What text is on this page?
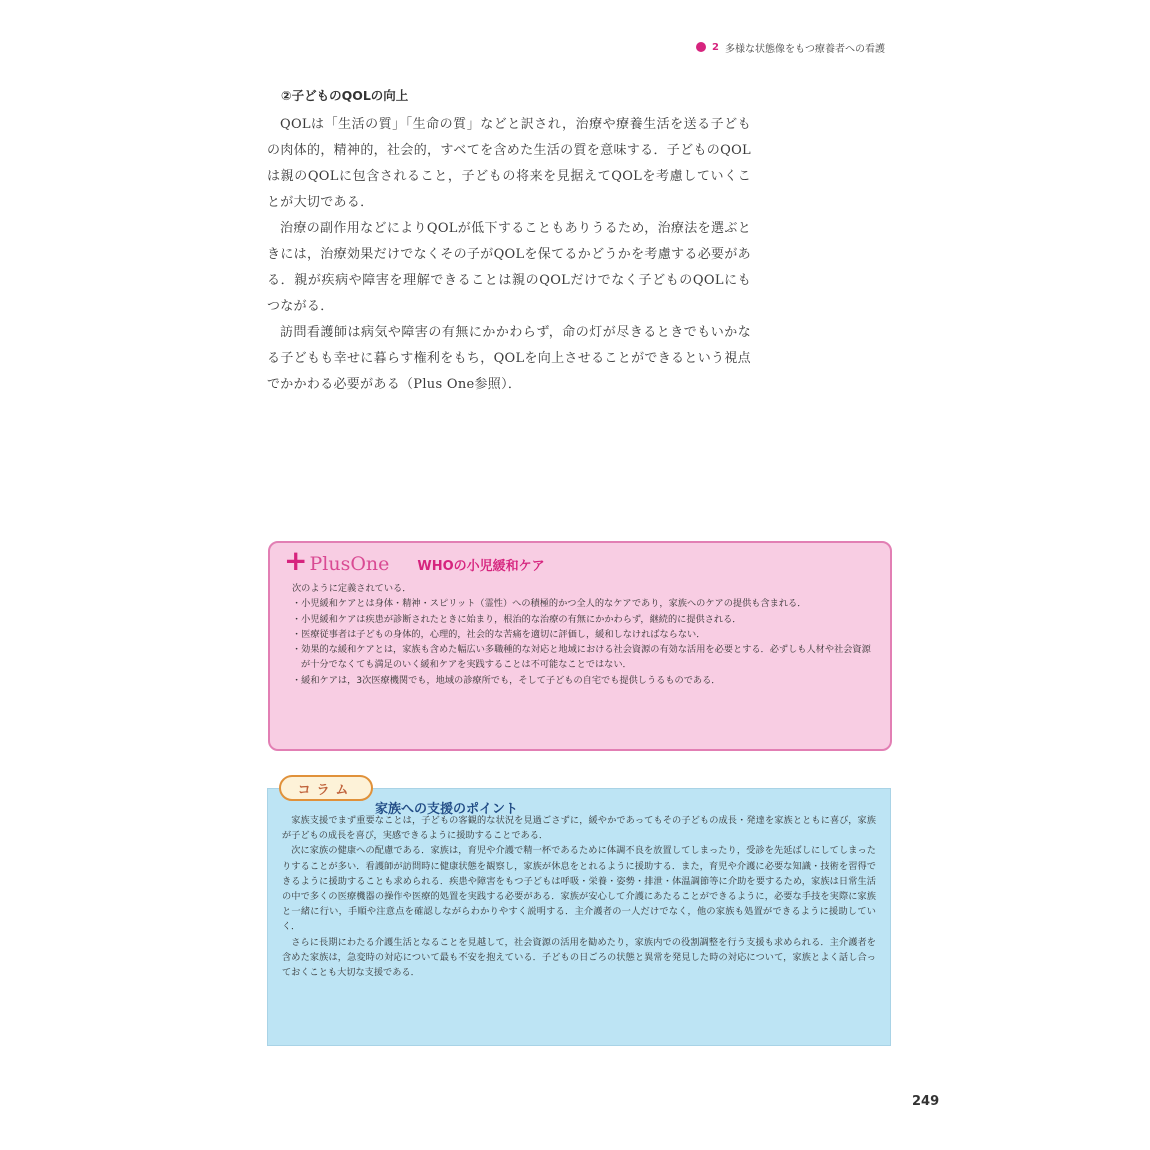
2 多様な状態像をもつ療養者への看護
②子どものQOLの向上

QOLは「生活の質」「生命の質」などと訳され，治療や療養生活を送る子どもの肉体的，精神的，社会的，すべてを含めた生活の質を意味する．子どものQOLは親のQOLに包含されること，子どもの将来を見据えてQOLを考慮していくことが大切である．

治療の副作用などによりQOLが低下することもありうるため，治療法を選ぶときには，治療効果だけでなくその子がQOLを保てるかどうかを考慮する必要がある．親が疾病や障害を理解できることは親のQOLだけでなく子どものQOLにもつながる．

訪問看護師は病気や障害の有無にかかわらず，命の灯が尽きるときでもいかなる子どもも幸せに暮らす権利をもち，QOLを向上させることができるという視点でかかわる必要がある（Plus One参照）．

+ PlusOne WHOの小児緩和ケア
次のように定義されている．
・小児緩和ケアとは身体・精神・スピリット（霊性）への積極的かつ全人的なケアであり，家族へのケアの提供も含まれる．
・小児緩和ケアは疾患が診断されたときに始まり，根治的な治療の有無にかかわらず，継続的に提供される．
・医療従事者は子どもの身体的，心理的，社会的な苦痛を適切に評価し，緩和しなければならない．
・効果的な緩和ケアとは，家族も含めた幅広い多職種的な対応と地域における社会資源の有効な活用を必要とする．必ずしも人材や社会資源が十分でなくても満足のいく緩和ケアを実践することは不可能なことではない．
・緩和ケアは，3次医療機関でも，地域の診療所でも，そして子どもの自宅でも提供しうるものである．

家族支援でまず重要なことは，子どもの客観的な状況を見過ごさずに，緩やかであってもその子どもの成長・発達を家族とともに喜び，家族が子どもの成長を喜び，実感できるように援助することである．

次に家族の健康への配慮である．家族は，育児や介護で精一杯であるために体調不良を放置してしまったり，受診を先延ばしにしてしまったりすることが多い．看護師が訪問時に健康状態を観察し，家族が休息をとれるように援助する．また，育児や介護に必要な知識・技術を習得できるように援助することも求められる．疾患や障害をもつ子どもは呼吸・栄養・姿勢・排泄・体温調節等に介助を要するため，家族は日常生活の中で多くの医療機器の操作や医療的処置を実践する必要がある．家族が安心して介護にあたることができるように，必要な手技を実際に家族と一緒に行い，手順や注意点を確認しながらわかりやすく説明する．主介護者の一人だけでなく，他の家族も処置ができるように援助していく．

さらに長期にわたる介護生活となることを見越して，社会資源の活用を勧めたり，家族内での役割調整を行う支援も求められる．主介護者を含めた家族は，急変時の対応について最も不安を抱えている．子どもの日ごろの状態と異常を発見した時の対応について，家族とよく話し合っておくことも大切な支援である．

コラム
家族への支援のポイント
249
